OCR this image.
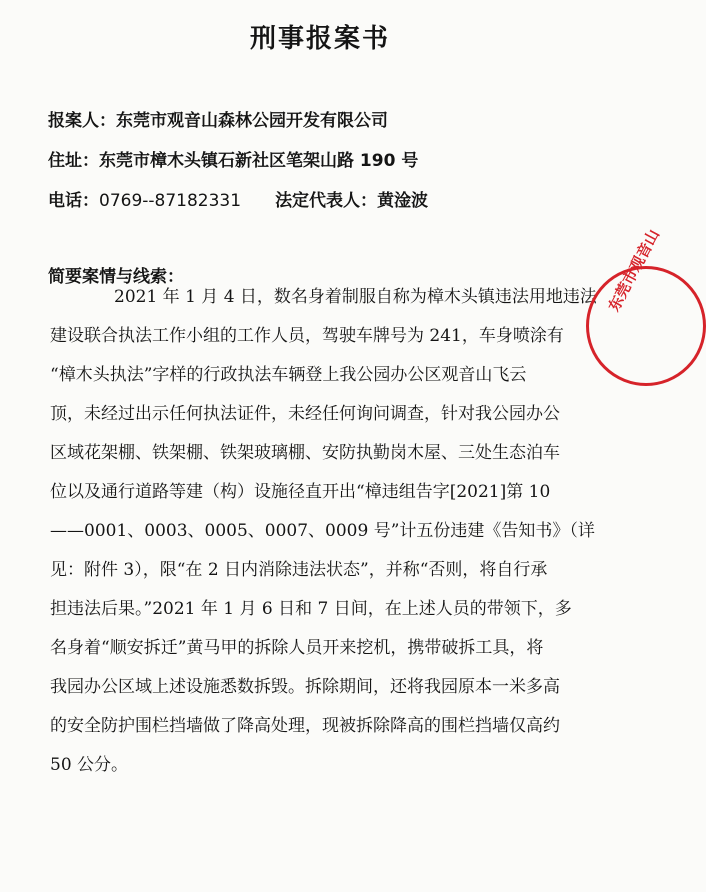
刑事报案书
报案人：东莞市观音山森林公园开发有限公司
住址：东莞市樟木头镇石新社区笔架山路 190 号
电话：0769--87182331 法定代表人：黄淦波
简要案情与线索：
2021 年 1 月 4 日，数名身着制服自称为樟木头镇违法用地违法
建设联合执法工作小组的工作人员，驾驶车牌号为 241，车身喷涂有
“樟木头执法”字样的行政执法车辆登上我公园办公区观音山飞云
顶，未经过出示任何执法证件，未经任何询问调查，针对我公园办公
区域花架棚、铁架棚、铁架玻璃棚、安防执勤岗木屋、三处生态泊车
位以及通行道路等建（构）设施径直开出“樟违组告字[2021]第 10
——0001、0003、0005、0007、0009 号”计五份违建《告知书》（详
见：附件 3），限“在 2 日内消除违法状态”，并称“否则，将自行承
担违法后果。”2021 年 1 月 6 日和 7 日间，在上述人员的带领下，多
名身着“顺安拆迁”黄马甲的拆除人员开来挖机，携带破拆工具，将
我园办公区域上述设施悉数拆毁。拆除期间，还将我园原本一米多高
的安全防护围栏挡墙做了降高处理，现被拆除降高的围栏挡墙仅高约
50 公分。
东莞市观音山
